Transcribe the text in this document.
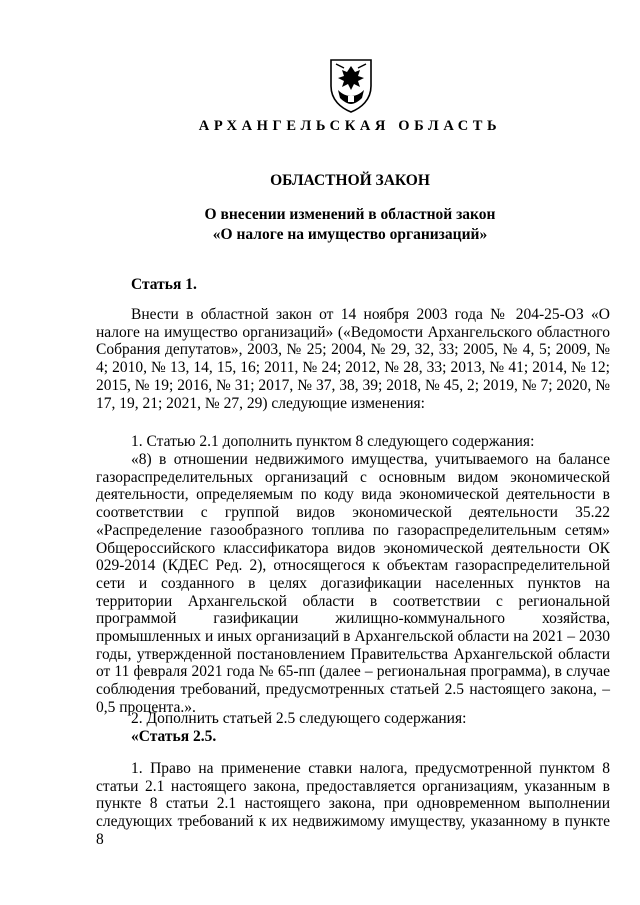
АРХАНГЕЛЬСКАЯ ОБЛАСТЬ
ОБЛАСТНОЙ ЗАКОН
О внесении изменений в областной закон
«О налоге на имущество организаций»
Статья 1.

Внести в областной закон от 14 ноября 2003 года № 204-25-ОЗ «О налоге на имущество организаций» («Ведомости Архангельского областного Собрания депутатов», 2003, № 25; 2004, № 29, 32, 33; 2005, № 4, 5; 2009, № 4; 2010, № 13, 14, 15, 16; 2011, № 24; 2012, № 28, 33; 2013, № 41; 2014, № 12; 2015, № 19; 2016, № 31; 2017, № 37, 38, 39; 2018, № 45, 2; 2019, № 7; 2020, № 17, 19, 21; 2021, № 27, 29) следующие изменения:

1. Статью 2.1 дополнить пунктом 8 следующего содержания:

«8) в отношении недвижимого имущества, учитываемого на балансе газораспределительных организаций с основным видом экономической деятельности, определяемым по коду вида экономической деятельности в соответствии с группой видов экономической деятельности 35.22 «Распределение газообразного топлива по газораспределительным сетям» Общероссийского классификатора видов экономической деятельности ОК 029-2014 (КДЕС Ред. 2), относящегося к объектам газораспределительной сети и созданного в целях догазификации населенных пунктов на территории Архангельской области в соответствии с региональной программой газификации жилищно-коммунального хозяйства, промышленных и иных организаций в Архангельской области на 2021 – 2030 годы, утвержденной постановлением Правительства Архангельской области от 11 февраля 2021 года № 65-пп (далее – региональная программа), в случае соблюдения требований, предусмотренных статьей 2.5 настоящего закона, – 0,5 процента.».

2. Дополнить статьей 2.5 следующего содержания:

«Статья 2.5.

1. Право на применение ставки налога, предусмотренной пунктом 8 статьи 2.1 настоящего закона, предоставляется организациям, указанным в пункте 8 статьи 2.1 настоящего закона, при одновременном выполнении следующих требований к их недвижимому имуществу, указанному в пункте 8
